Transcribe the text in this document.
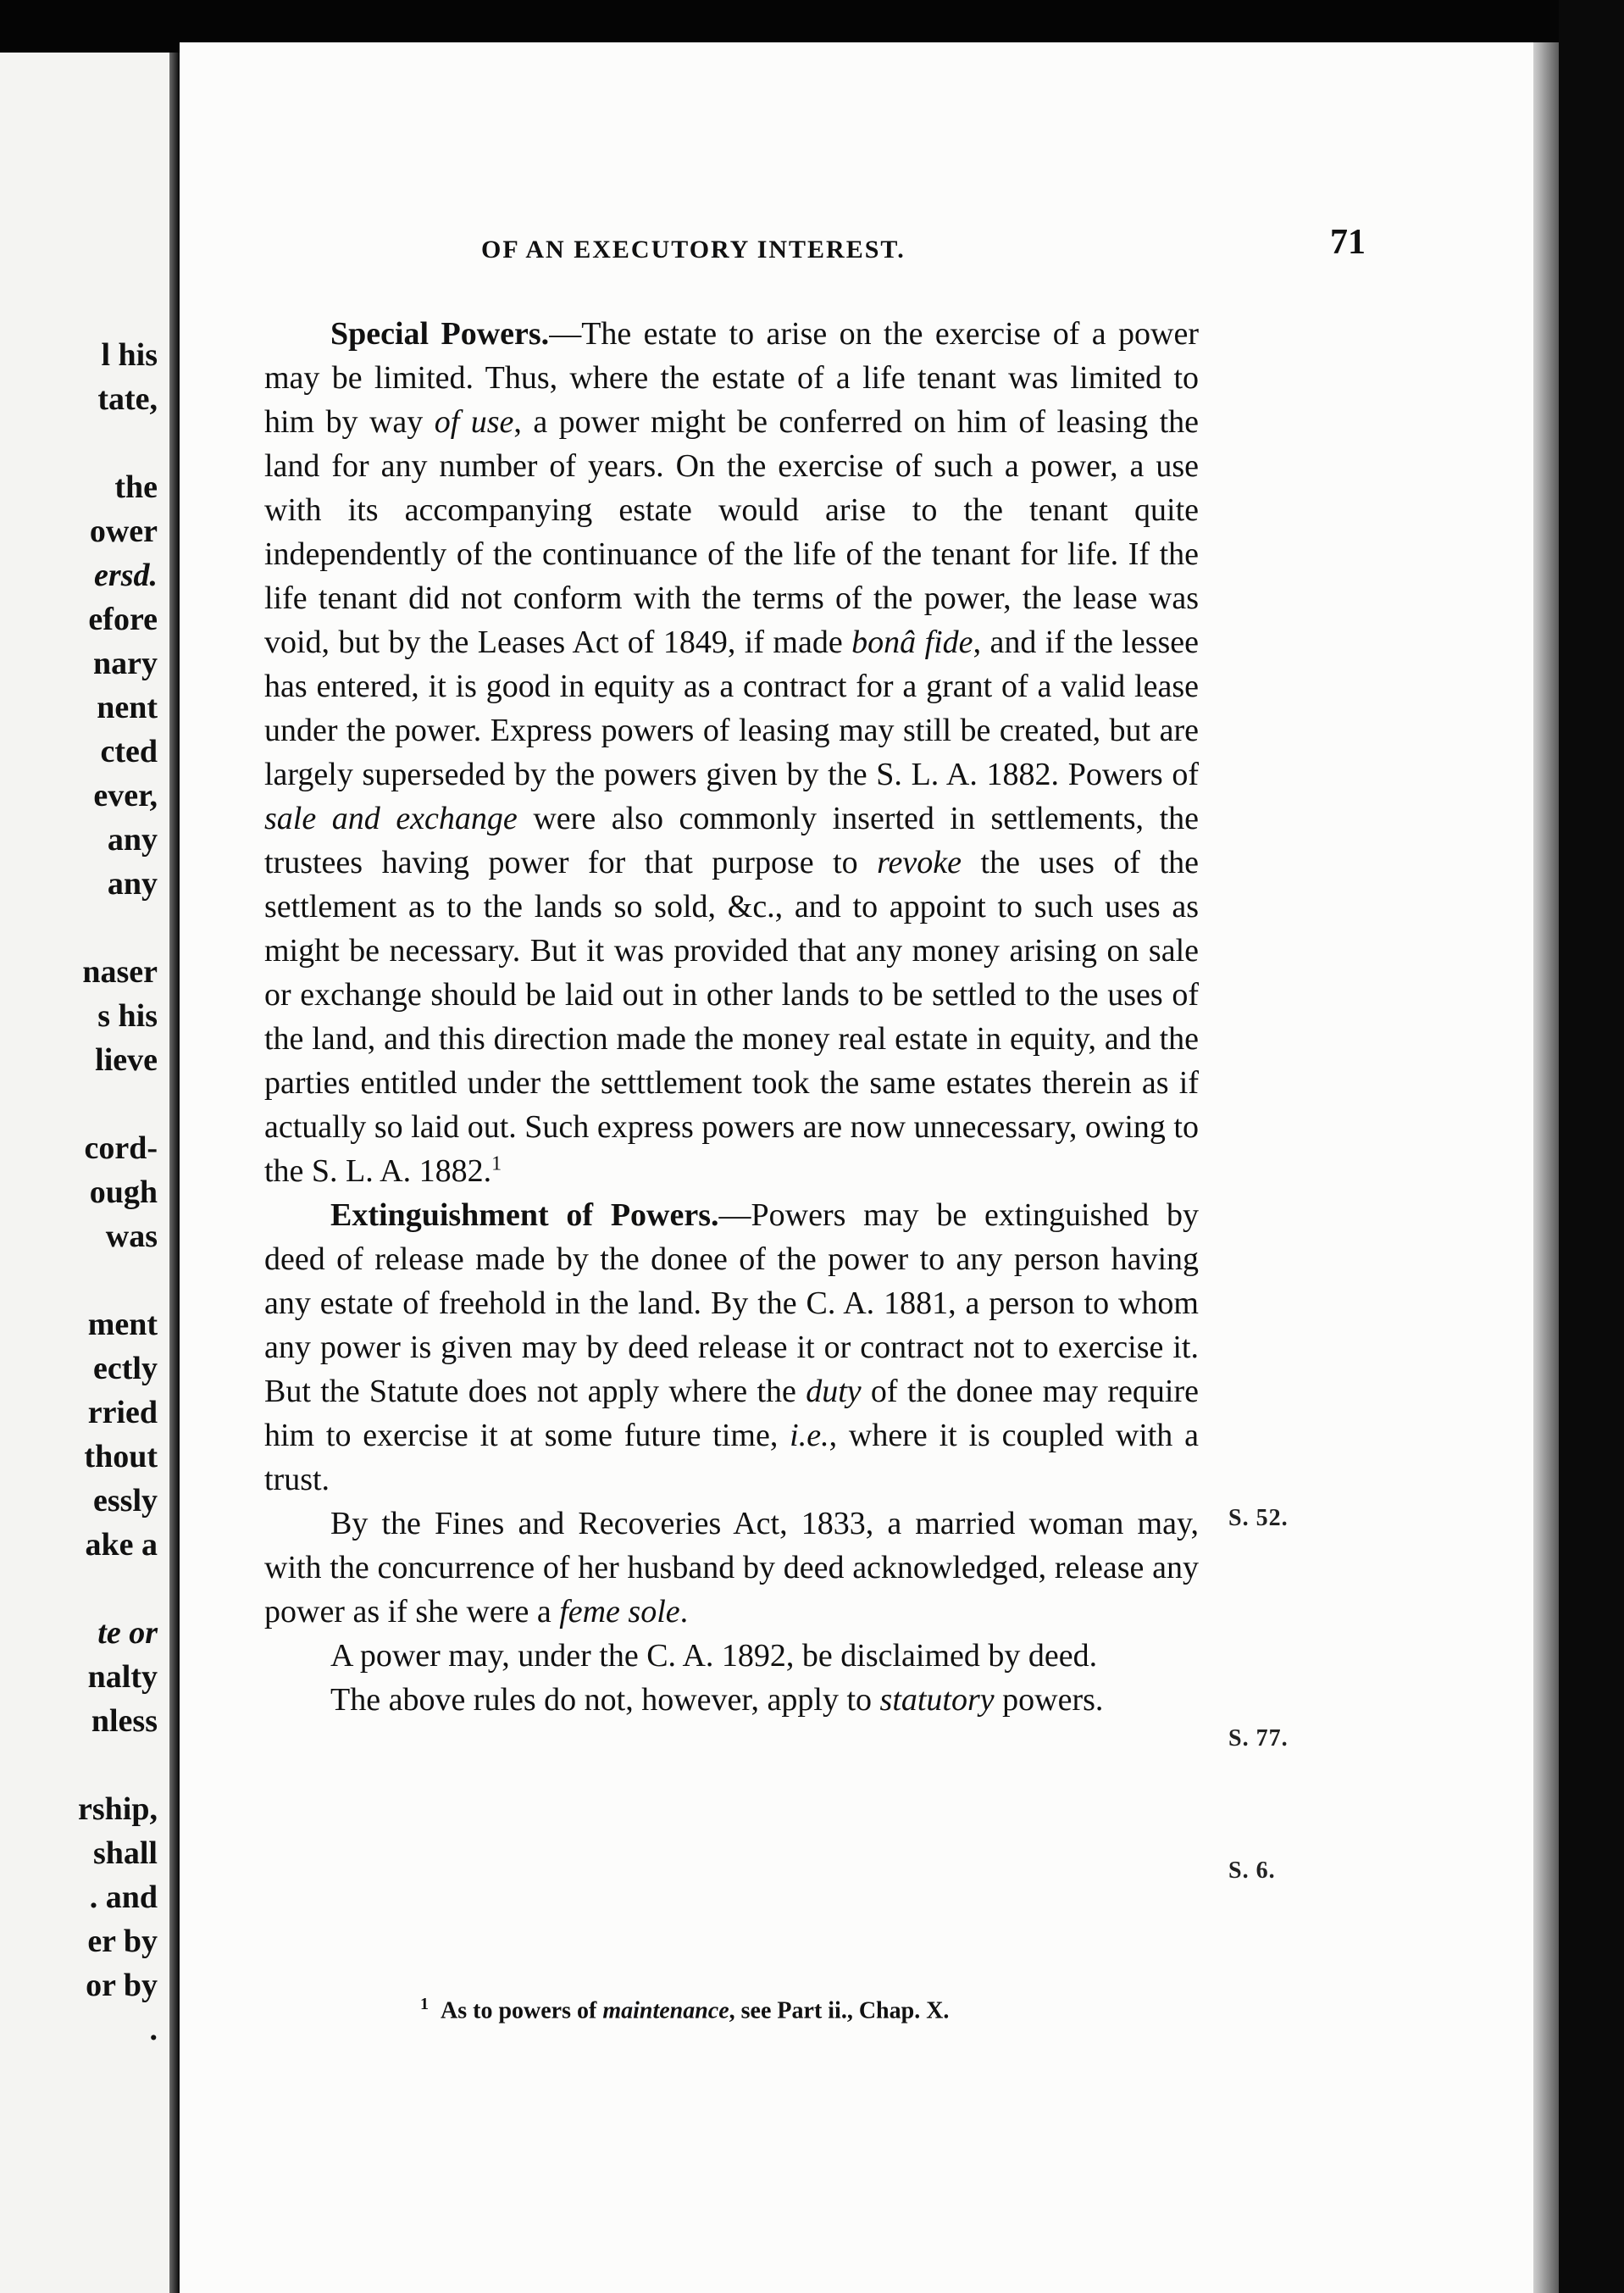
l his
tate,
the
ower
ersd.
efore
nary
nent
cted
ever,
any
any
naser
s his
lieve
cord-
ough
was
ment
ectly
rried
thout
essly
ake a
te or
nalty
nless
rship,
shall
. and
er by
or by
.
OF AN EXECUTORY INTEREST.	71

Special Powers.—The estate to arise on the exercise of a power may be limited. Thus, where the estate of a life tenant was limited to him by way of use, a power might be conferred on him of leasing the land for any number of years. On the exercise of such a power, a use with its accompanying estate would arise to the tenant quite independently of the continuance of the life of the tenant for life. If the life tenant did not conform with the terms of the power, the lease was void, but by the Leases Act of 1849, if made bonâ fide, and if the lessee has entered, it is good in equity as a contract for a grant of a valid lease under the power. Express powers of leasing may still be created, but are largely superseded by the powers given by the S. L. A. 1882. Powers of sale and exchange were also commonly inserted in settlements, the trustees having power for that purpose to revoke the uses of the settlement as to the lands so sold, &c., and to appoint to such uses as might be necessary. But it was provided that any money arising on sale or exchange should be laid out in other lands to be settled to the uses of the land, and this direction made the money real estate in equity, and the parties entitled under the setttlement took the same estates therein as if actually so laid out. Such express powers are now unnecessary, owing to the S. L. A. 1882.$^1$

Extinguishment of Powers.—Powers may be extinguished by deed of release made by the donee of the power to any person having any estate of freehold in the land. By the C. A. 1881, a person to whom any power is given may by deed release it or contract not to exercise it. But the Statute does not apply where the duty of the donee may require him to exercise it at some future time, i.e., where it is coupled with a trust.

By the Fines and Recoveries Act, 1833, a married woman may, with the concurrence of her husband by deed acknowledged, release any power as if she were a feme sole.

A power may, under the C. A. 1892, be disclaimed by deed.

The above rules do not, however, apply to statutory powers.

S. 52.
S. 77.
S. 6.
$^1$ As to powers of maintenance, see Part ii., Chap. X.
